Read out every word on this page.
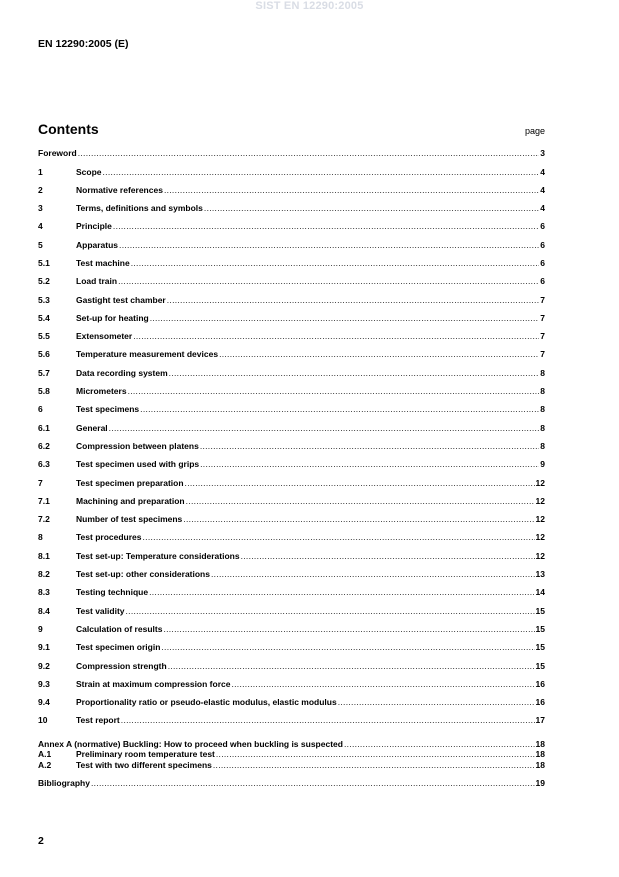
SIST EN 12290:2005
EN 12290:2005 (E)
Contents	page
Foreword .....	3
1	Scope .....	4
2	Normative references .....	4
3	Terms, definitions and symbols .....	4
4	Principle .....	6
5	Apparatus .....	6
5.1	Test machine .....	6
5.2	Load train .....	6
5.3	Gastight test chamber .....	7
5.4	Set-up for heating .....	7
5.5	Extensometer .....	7
5.6	Temperature measurement devices .....	7
5.7	Data recording system .....	8
5.8	Micrometers .....	8
6	Test specimens .....	8
6.1	General .....	8
6.2	Compression between platens .....	8
6.3	Test specimen used with grips .....	9
7	Test specimen preparation .....	12
7.1	Machining and preparation .....	12
7.2	Number of test specimens .....	12
8	Test procedures .....	12
8.1	Test set-up: Temperature considerations .....	12
8.2	Test set-up: other considerations .....	13
8.3	Testing technique .....	14
8.4	Test validity .....	15
9	Calculation of results .....	15
9.1	Test specimen origin .....	15
9.2	Compression strength .....	15
9.3	Strain at maximum compression force .....	16
9.4	Proportionality ratio or pseudo-elastic modulus, elastic modulus .....	16
10	Test report .....	17
Annex A (normative) Buckling: How to proceed when buckling is suspected .....	18
A.1	Preliminary room temperature test .....	18
A.2	Test with two different specimens .....	18
Bibliography .....	19
2
